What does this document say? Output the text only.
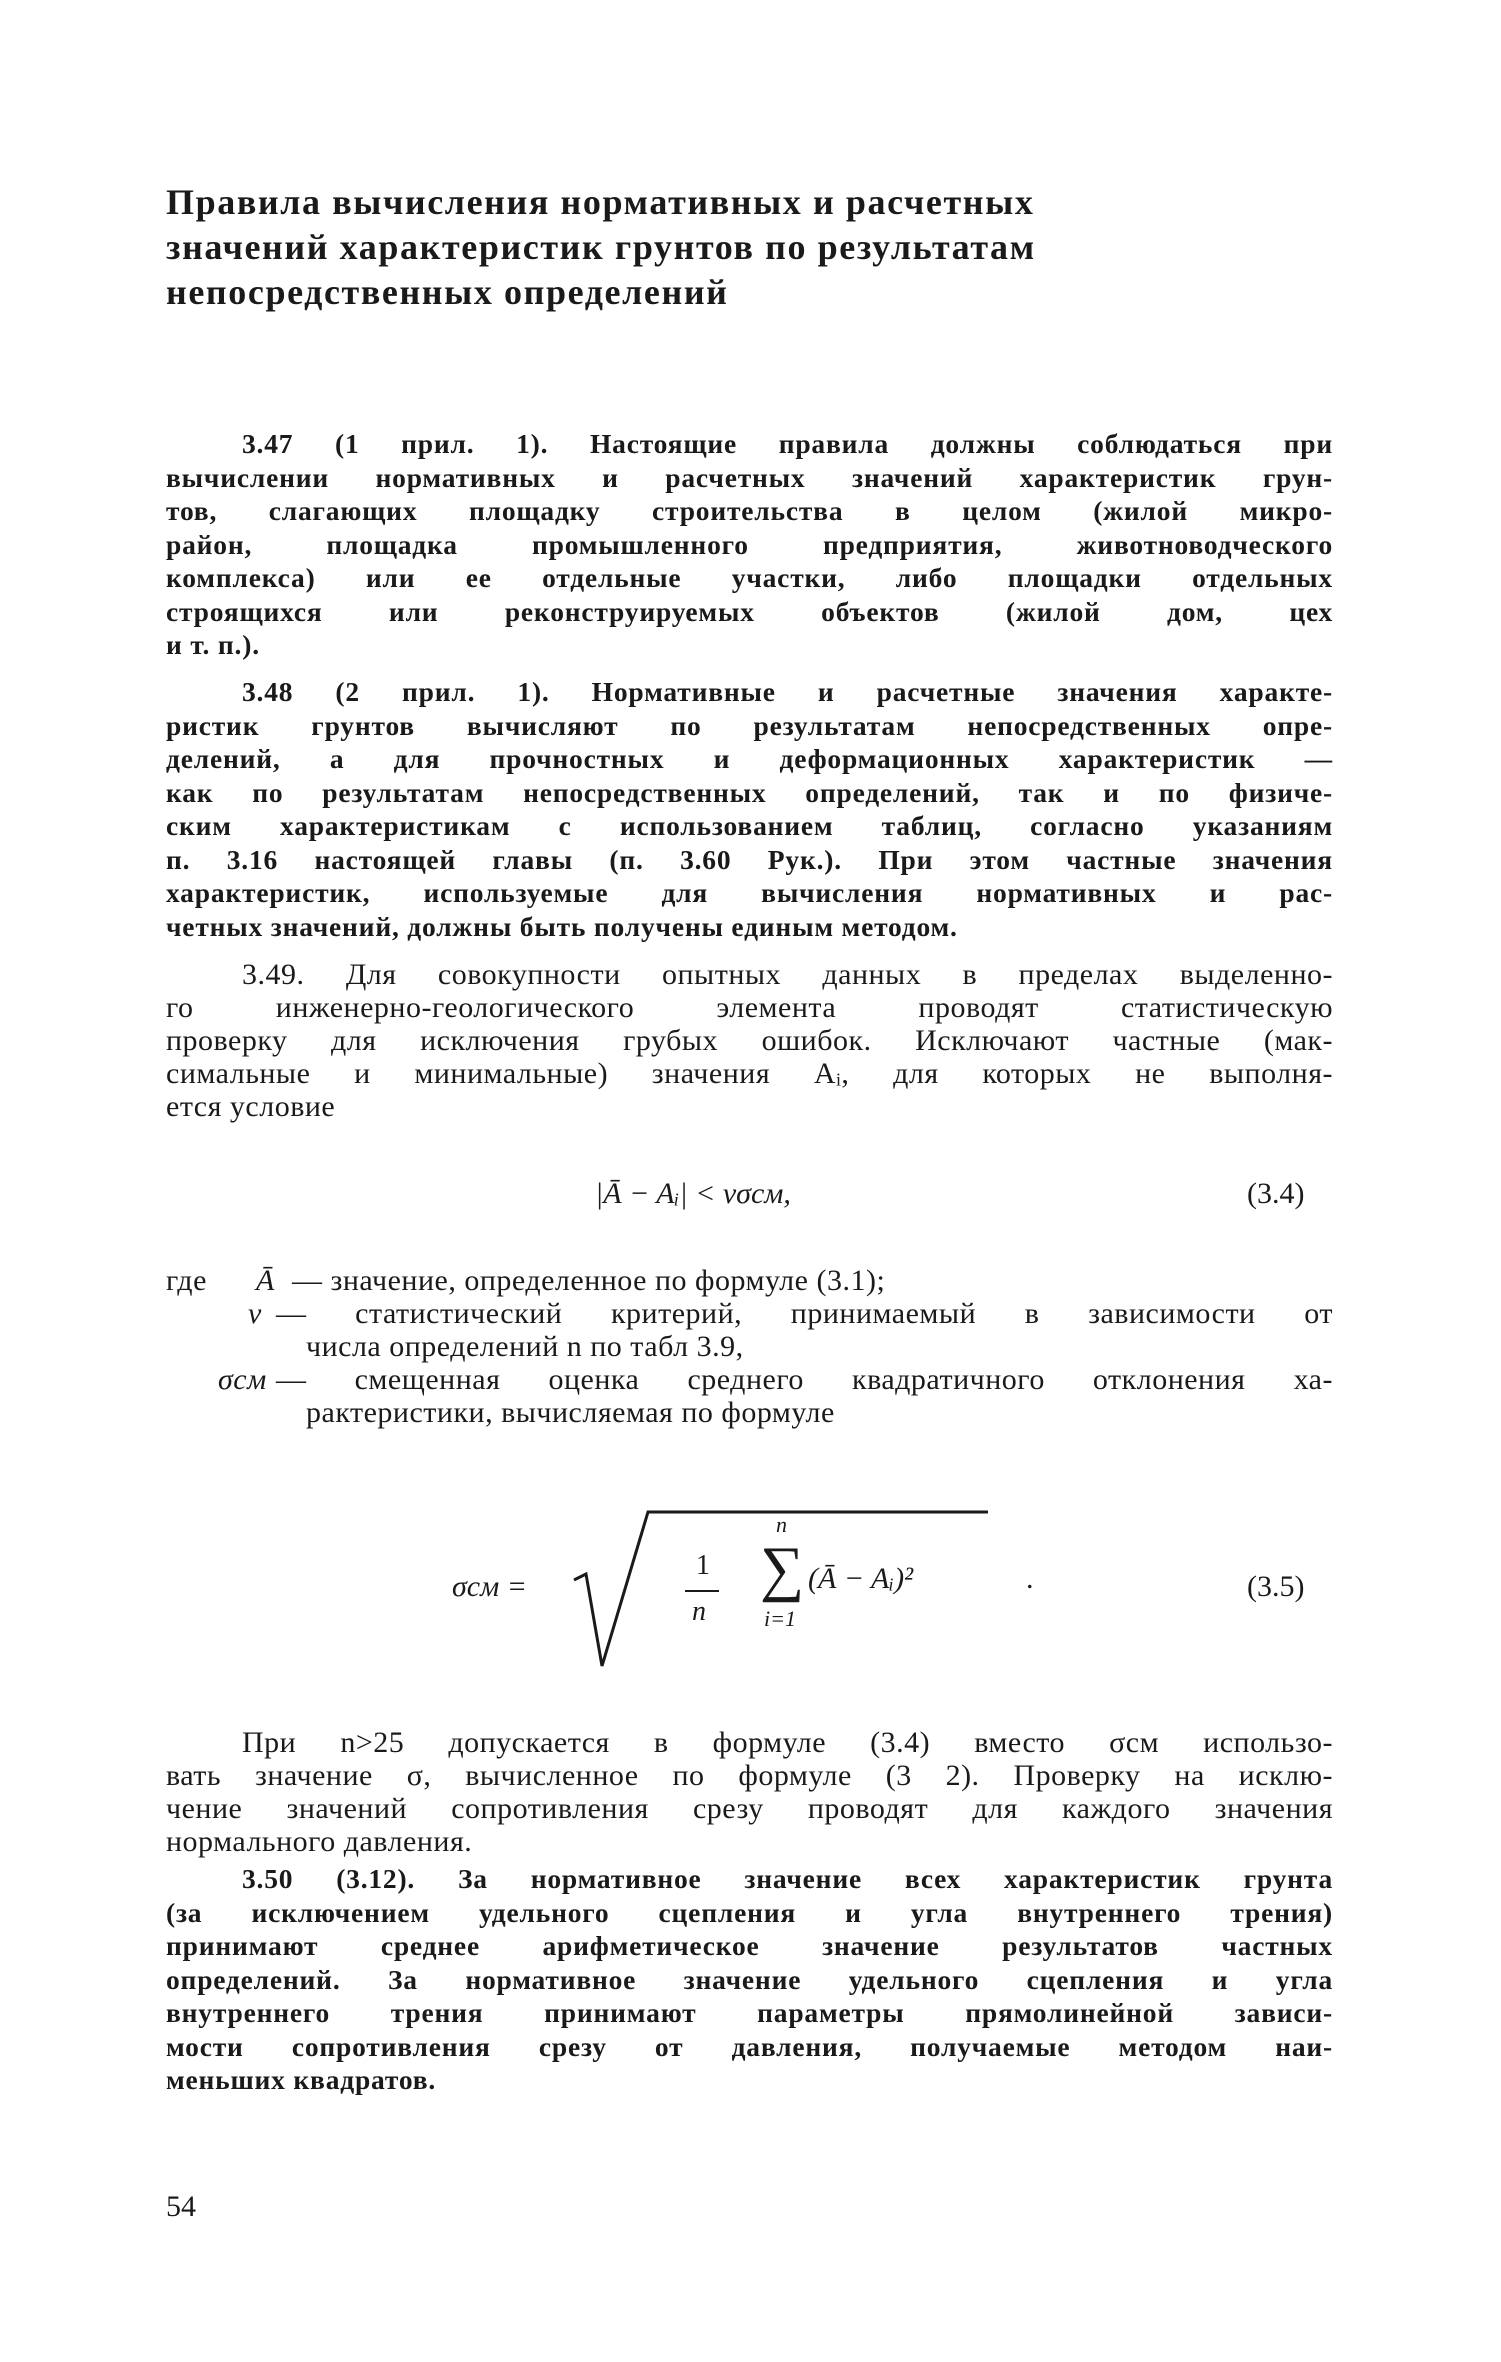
Правила вычисления нормативных и расчетных
значений характеристик грунтов по результатам
непосредственных определений
3.47 (1 прил. 1). Настоящие правила должны соблюдаться при
вычислении нормативных и расчетных значений характеристик грун-
тов, слагающих площадку строительства в целом (жилой микро-
район, площадка промышленного предприятия, животноводческого
комплекса) или ее отдельные участки, либо площадки отдельных
строящихся или реконструируемых объектов (жилой дом, цех
и т. п.).
3.48 (2 прил. 1). Нормативные и расчетные значения характе-
ристик грунтов вычисляют по результатам непосредственных опре-
делений, а для прочностных и деформационных характеристик —
как по результатам непосредственных определений, так и по физиче-
ским характеристикам с использованием таблиц, согласно указаниям
п. 3.16 настоящей главы (п. 3.60 Рук.). При этом частные значения
характеристик, используемые для вычисления нормативных и рас-
четных значений, должны быть получены единым методом.
3.49. Для совокупности опытных данных в пределах выделенно-
го инженерно-геологического элемента проводят статистическую
проверку для исключения грубых ошибок. Исключают частные (мак-
симальные и минимальные) значения Aᵢ, для которых не выполня-
ется условие
|Ā − Aᵢ| < νσсм,	(3.4)
где Ā — значение, определенное по формуле (3.1);
ν — статистический критерий, принимаемый в зависимости от
числа определений n по табл 3.9,
σсм — смещенная оценка среднего квадратичного отклонения ха-
рактеристики, вычисляемая по формуле
σсм =
1
n
n
∑
i=1
(Ā − Aᵢ)²	.	(3.5)
При n>25 допускается в формуле (3.4) вместо σсм использо-
вать значение σ, вычисленное по формуле (3 2). Проверку на исклю-
чение значений сопротивления срезу проводят для каждого значения
нормального давления.
3.50 (3.12). За нормативное значение всех характеристик грунта
(за исключением удельного сцепления и угла внутреннего трения)
принимают среднее арифметическое значение результатов частных
определений. За нормативное значение удельного сцепления и угла
внутреннего трения принимают параметры прямолинейной зависи-
мости сопротивления срезу от давления, получаемые методом наи-
меньших квадратов.
54
